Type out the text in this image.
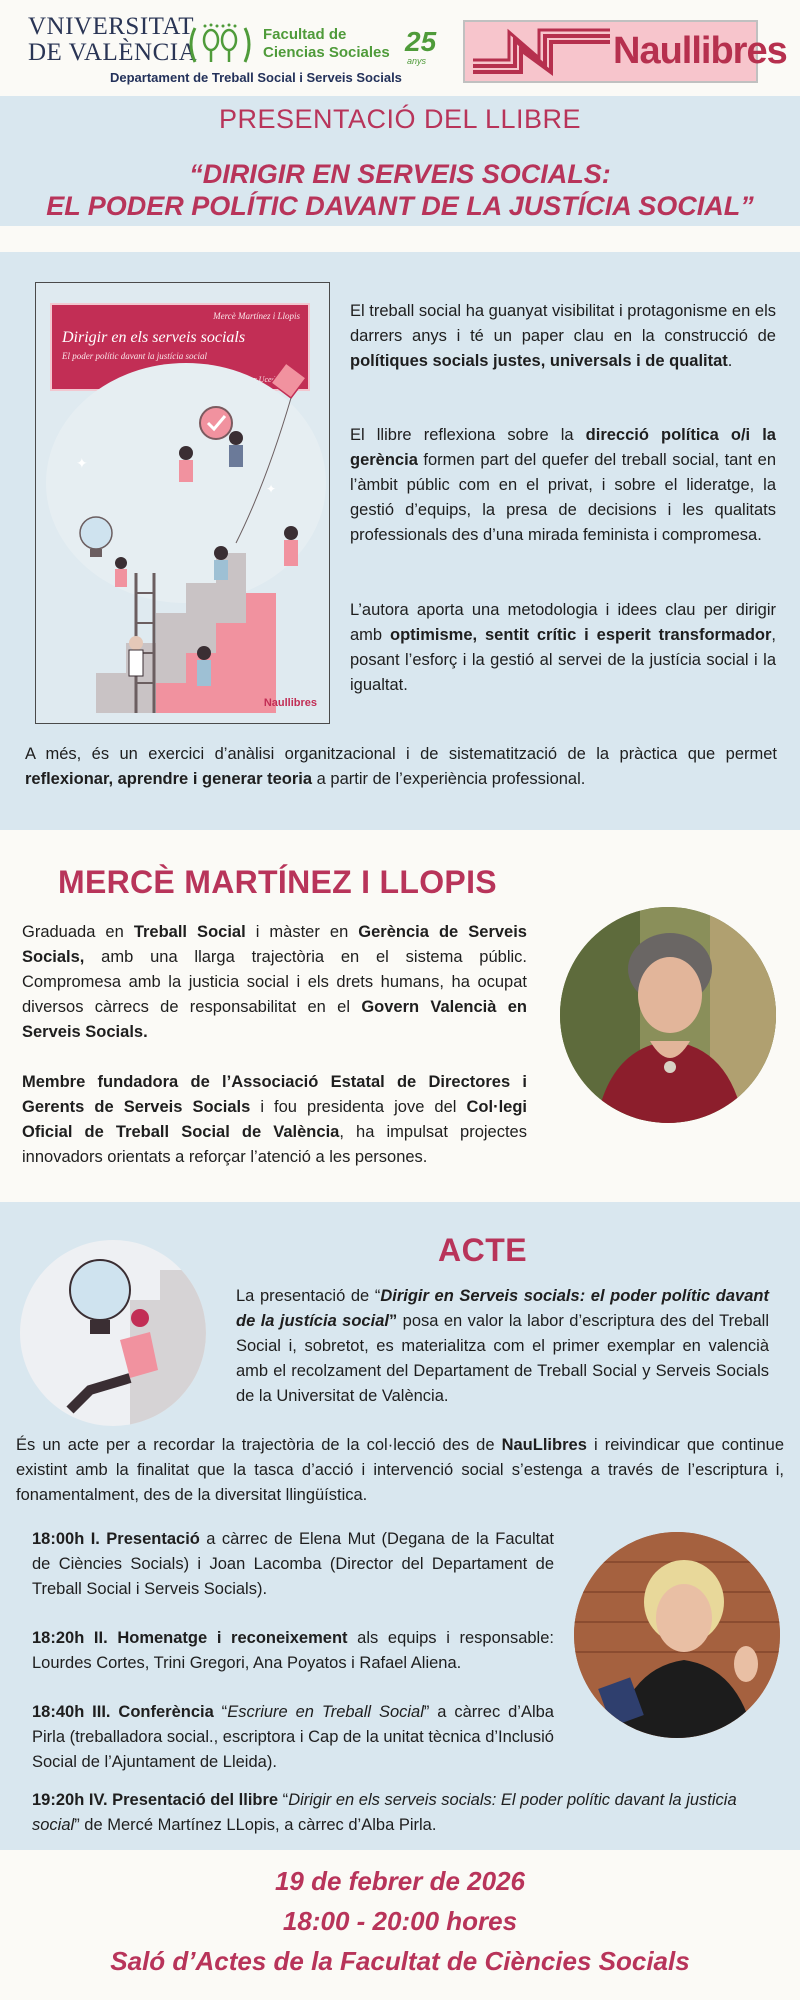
VNIVERSITAT
DE VALÈNCIA
Facultad de
Ciencias Sociales 25
anys
Departament de Treball Social i Serveis Socials
Naullibres
PRESENTACIÓ DEL LLIBRE
“DIRIGIR EN SERVEIS SOCIALS:
EL PODER POLÍTIC DAVANT DE LA JUSTÍCIA SOCIAL”
Mercè Martínez i Llopis
Dirigir en els serveis socials
El poder polític davant la justícia social
✦
✦
Naullibres
El treball social ha guanyat visibilitat i protagonisme en els darrers anys i té un paper clau en la construcció de polítiques socials justes, universals i de qualitat.
El llibre reflexiona sobre la direcció política o/i la gerència formen part del quefer del treball social, tant en l’àmbit públic com en el privat, i sobre el lideratge, la gestió d’equips, la presa de decisions i les qualitats professionals des d’una mirada feminista i compromesa.
L’autora aporta una metodologia i idees clau per dirigir amb optimisme, sentit crític i esperit transformador, posant l’esforç i la gestió al servei de la justícia social i la igualtat.
A més, és un exercici d’anàlisi organitzacional i de sistematització de la pràctica que permet reflexionar, aprendre i generar teoria a partir de l’experiència professional.
MERCÈ MARTÍNEZ I LLOPIS
Graduada en Treball Social i màster en Gerència de Serveis Socials, amb una llarga trajectòria en el sistema públic. Compromesa amb la justicia social i els drets humans, ha ocupat diversos càrrecs de responsabilitat en el Govern Valencià en Serveis Socials.
Membre fundadora de l’Associació Estatal de Directores i Gerents de Serveis Socials i fou presidenta jove del Col·legi Oficial de Treball Social de València, ha impulsat projectes innovadors orientats a reforçar l’atenció a les persones.
ACTE
La presentació de “Dirigir en Serveis socials: el poder polític davant de la justícia social” posa en valor la labor d’escriptura des del Treball Social i, sobretot, es materialitza com el primer exemplar en valencià amb el recolzament del Departament de Treball Social y Serveis Socials de la Universitat de València.
És un acte per a recordar la trajectòria de la col·lecció des de NauLlibres i reivindicar que continue existint amb la finalitat que la tasca d’acció i intervenció social s’estenga a través de l’escriptura i, fonamentalment, des de la diversitat llingüística.
18:00h I. Presentació a càrrec de Elena Mut (Degana de la Facultat de Ciències Socials) i Joan Lacomba (Director del Departament de Treball Social i Serveis Socials).
18:20h II. Homenatge i reconeixement als equips i responsable: Lourdes Cortes, Trini Gregori, Ana Poyatos i Rafael Aliena.
18:40h III. Conferència “Escriure en Treball Social” a càrrec d’Alba Pirla (treballadora social., escriptora i Cap de la unitat tècnica d’Inclusió Social de l’Ajuntament de Lleida).
19:20h IV. Presentació del llibre “Dirigir en els serveis socials: El poder polític davant la justicia social” de Mercé Martínez LLopis, a càrrec d’Alba Pirla.
19 de febrer de 2026
18:00 - 20:00 hores
Saló d’Actes de la Facultat de Ciències Socials
